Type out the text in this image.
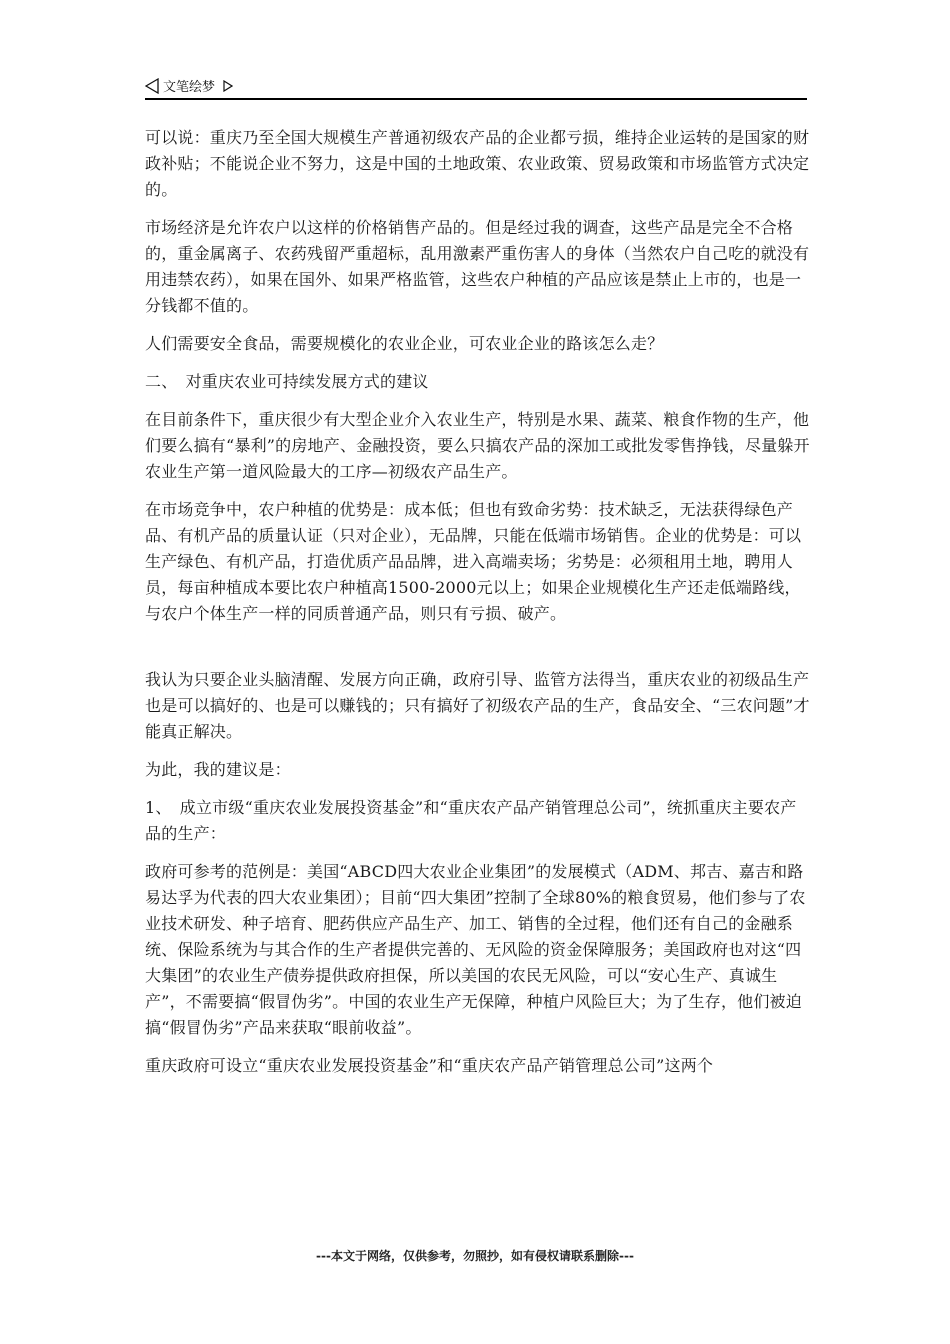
文笔绘梦

可以说：重庆乃至全国大规模生产普通初级农产品的企业都亏损，维持企业运转的是国家的财政补贴；不能说企业不努力，这是中国的土地政策、农业政策、贸易政策和市场监管方式决定的。

市场经济是允许农户以这样的价格销售产品的。但是经过我的调查，这些产品是完全不合格的，重金属离子、农药残留严重超标，乱用激素严重伤害人的身体（当然农户自己吃的就没有用违禁农药），如果在国外、如果严格监管，这些农户种植的产品应该是禁止上市的，也是一分钱都不值的。

人们需要安全食品，需要规模化的农业企业，可农业企业的路该怎么走？

二、　对重庆农业可持续发展方式的建议

在目前条件下，重庆很少有大型企业介入农业生产，特别是水果、蔬菜、粮食作物的生产，他们要么搞有“暴利”的房地产、金融投资，要么只搞农产品的深加工或批发零售挣钱，尽量躲开农业生产第一道风险最大的工序—初级农产品生产。

在市场竞争中，农户种植的优势是：成本低；但也有致命劣势：技术缺乏，无法获得绿色产品、有机产品的质量认证（只对企业），无品牌，只能在低端市场销售。企业的优势是：可以生产绿色、有机产品，打造优质产品品牌，进入高端卖场；劣势是：必须租用土地，聘用人员，每亩种植成本要比农户种植高1500-2000元以上；如果企业规模化生产还走低端路线，与农户个体生产一样的同质普通产品，则只有亏损、破产。

我认为只要企业头脑清醒、发展方向正确，政府引导、监管方法得当，重庆农业的初级品生产也是可以搞好的、也是可以赚钱的；只有搞好了初级农产品的生产，食品安全、“三农问题”才能真正解决。

为此，我的建议是：

1、　成立市级“重庆农业发展投资基金”和“重庆农产品产销管理总公司”，统抓重庆主要农产品的生产：

政府可参考的范例是：美国“ABCD四大农业企业集团”的发展模式（ADM、邦吉、嘉吉和路易达孚为代表的四大农业集团）；目前“四大集团”控制了全球80%的粮食贸易，他们参与了农业技术研发、种子培育、肥药供应产品生产、加工、销售的全过程，他们还有自己的金融系统、保险系统为与其合作的生产者提供完善的、无风险的资金保障服务；美国政府也对这“四大集团”的农业生产债券提供政府担保，所以美国的农民无风险，可以“安心生产、真诚生产”，不需要搞“假冒伪劣”。中国的农业生产无保障，种植户风险巨大；为了生存，他们被迫搞“假冒伪劣”产品来获取“眼前收益”。

重庆政府可设立“重庆农业发展投资基金”和“重庆农产品产销管理总公司”这两个

---本文于网络，仅供参考，勿照抄，如有侵权请联系删除---
